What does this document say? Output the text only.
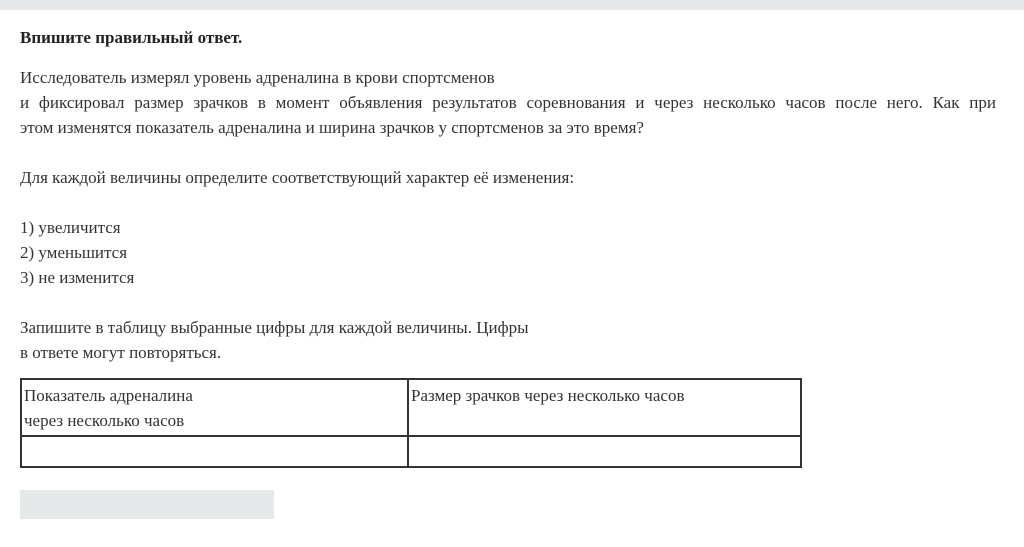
Впишите правильный ответ.

Исследователь измерял уровень адреналина в крови спортсменов
и фиксировал размер зрачков в момент объявления результатов соревнования и через несколько часов после него. Как при
этом изменятся показатель адреналина и ширина зрачков у спортсменов за это время?

Для каждой величины определите соответствующий характер её изменения:

1) увеличится
2) уменьшится
3) не изменится

Запишите в таблицу выбранные цифры для каждой величины. Цифры
в ответе могут повторяться.

Показатель адреналина
через несколько часов	Размер зрачков через несколько часов
